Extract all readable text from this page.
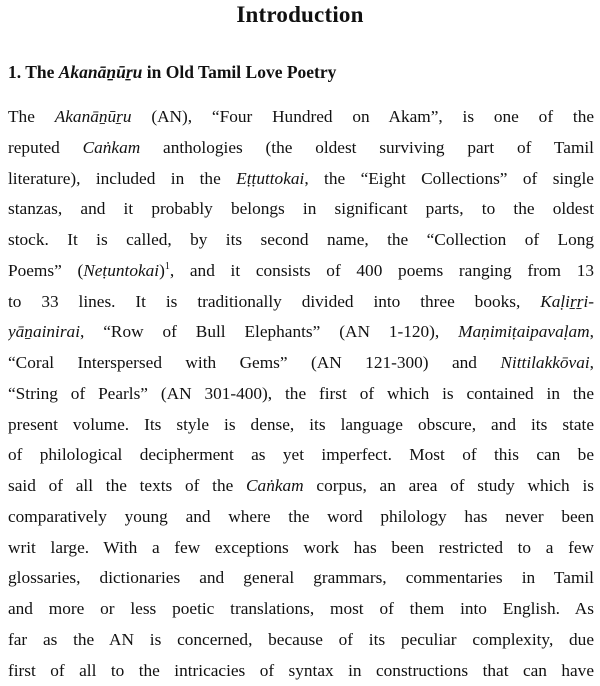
Introduction
1. The Akanāṉūṟu in Old Tamil Love Poetry
The Akanāṉūṟu (AN), “Four Hundred on Akam”, is one of the
reputed Caṅkam anthologies (the oldest surviving part of Tamil
literature), included in the Eṭṭuttokai, the “Eight Collections” of single
stanzas, and it probably belongs in significant parts, to the oldest
stock. It is called, by its second name, the “Collection of Long
Poems” (Neṭuntokai)$^1$, and it consists of 400 poems ranging from 13
to 33 lines. It is traditionally divided into three books, Kaḷiṟṟi-
yāṉainirai, “Row of Bull Elephants” (AN 1-120), Maṇimiṭaipavaḷam,
“Coral Interspersed with Gems” (AN 121-300) and Nittilakkōvai,
“String of Pearls” (AN 301-400), the first of which is contained in the
present volume. Its style is dense, its language obscure, and its state
of philological decipherment as yet imperfect. Most of this can be
said of all the texts of the Caṅkam corpus, an area of study which is
comparatively young and where the word philology has never been
writ large. With a few exceptions work has been restricted to a few
glossaries, dictionaries and general grammars, commentaries in Tamil
and more or less poetic translations, most of them into English. As
far as the AN is concerned, because of its peculiar complexity, due
first of all to the intricacies of syntax in constructions that can have
